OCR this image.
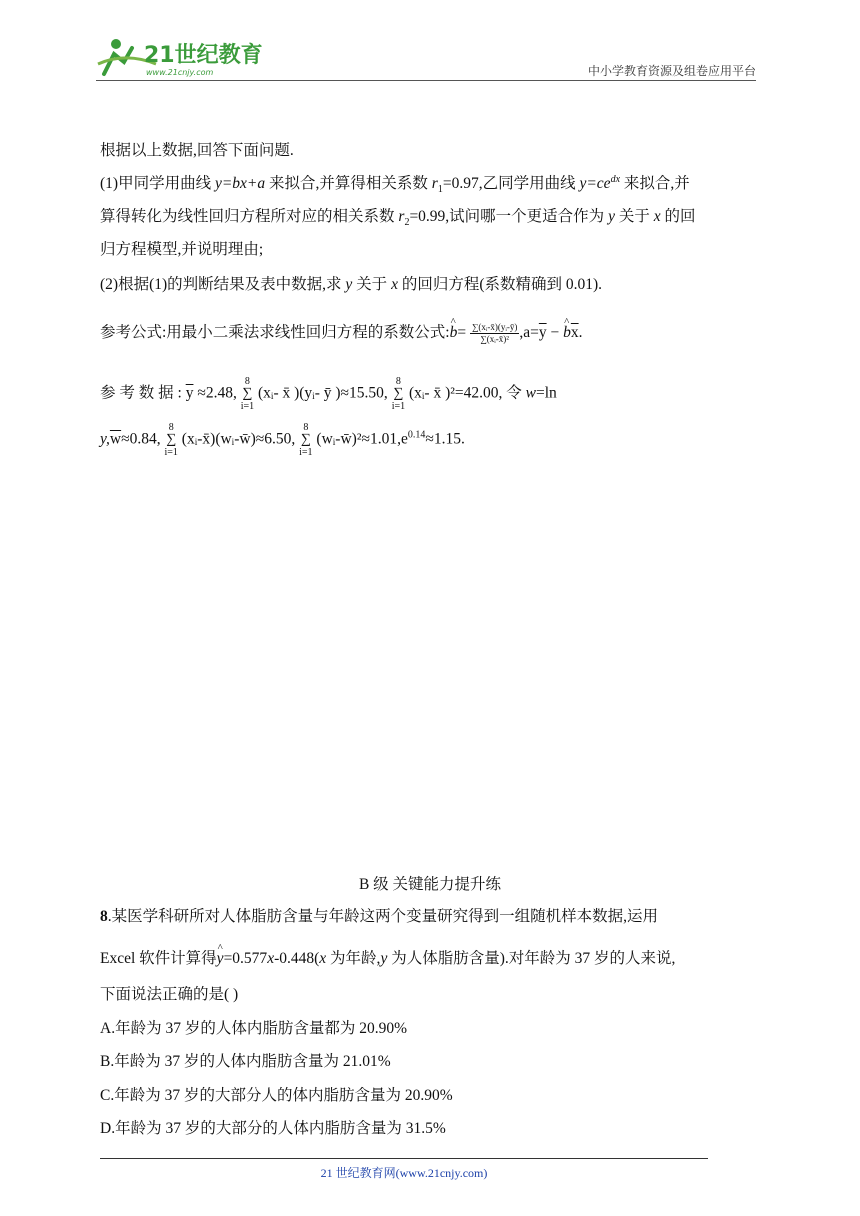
21世纪教育
www.21cnjy.com	中小学教育资源及组卷应用平台
根据以上数据,回答下面问题.
(1)甲同学用曲线 y=bx+a 来拟合,并算得相关系数 $r_1=0.97$,乙同学用曲线 $y=ce^{dx}$ 来拟合,并
算得转化为线性回归方程所对应的相关系数 $r_2=0.99$,试问哪一个更适合作为 y 关于 x 的回
归方程模型,并说明理由;
(2)根据(1)的判断结果及表中数据,求 y 关于 x 的回归方程(系数精确到 0.01).
参考公式:用最小二乘法求线性回归方程的系数公式:^ $b= \frac{\text{∑(xᵢ-x̄)(yᵢ-ȳ)}}{\text{∑(xᵢ-x̄)²}} ,a=\overline{y}$ − ^ $b\overline{x}$.
参 考 数 据 : $\overline{y} \approx 2.48$, 8
∑
i=1 (xᵢ- x̄ )(yᵢ- ȳ )≈15.50, 8
∑
i=1 (xᵢ- x̄ )²=42.00, 令 w=ln
$y,\overline{w}\approx 0.84$, 8
∑
i=1 (xᵢ-x̄)(wᵢ-w̄)≈6.50, 8
∑
i=1 $(wᵢ-w̄)^2\approx 1.01,e^{0.14}\approx 1.15$.
B 级 关键能力提升练
8.某医学科研所对人体脂肪含量与年龄这两个变量研究得到一组随机样本数据,运用
Excel 软件计算得^ y=0.577x-0.448(x 为年龄,y 为人体脂肪含量).对年龄为 37 岁的人来说,
下面说法正确的是( )
A.年龄为 37 岁的人体内脂肪含量都为 20.90%
B.年龄为 37 岁的人体内脂肪含量为 21.01%
C.年龄为 37 岁的大部分人的体内脂肪含量为 20.90%
D.年龄为 37 岁的大部分的人体内脂肪含量为 31.5%
21 世纪教育网(www.21cnjy.com)
